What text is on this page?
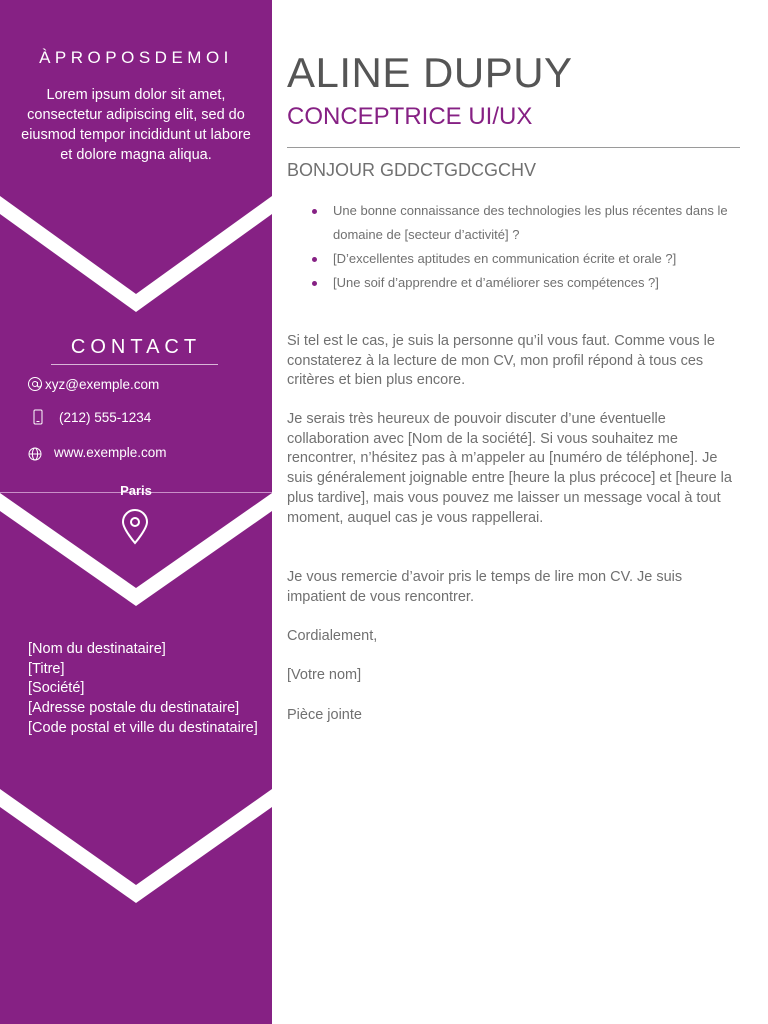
ÀPROPOSDEMOI
Lorem ipsum dolor sit amet, consectetur adipiscing elit, sed do eiusmod tempor incididunt ut labore et dolore magna aliqua.
CONTACT
xyz@exemple.com
(212) 555-1234
www.exemple.com
Paris
[Nom du destinataire]
[Titre]
[Société]
[Adresse postale du destinataire]
[Code postal et ville du destinataire]
ALINE DUPUY
CONCEPTRICE UI/UX
BONJOUR GDDCTGDCGCHV
Une bonne connaissance des technologies les plus récentes dans le domaine de [secteur d’activité] ?
[D’excellentes aptitudes en communication écrite et orale ?]
[Une soif d’apprendre et d’améliorer ses compétences ?]
Si tel est le cas, je suis la personne qu’il vous faut. Comme vous le constaterez à la lecture de mon CV, mon profil répond à tous ces critères et bien plus encore.
Je serais très heureux de pouvoir discuter d’une éventuelle collaboration avec [Nom de la société]. Si vous souhaitez me rencontrer, n’hésitez pas à m’appeler au [numéro de téléphone]. Je suis généralement joignable entre [heure la plus précoce] et [heure la plus tardive], mais vous pouvez me laisser un message vocal à tout moment, auquel cas je vous rappellerai.
Je vous remercie d’avoir pris le temps de lire mon CV. Je suis impatient de vous rencontrer.
Cordialement,
[Votre nom]
Pièce jointe
